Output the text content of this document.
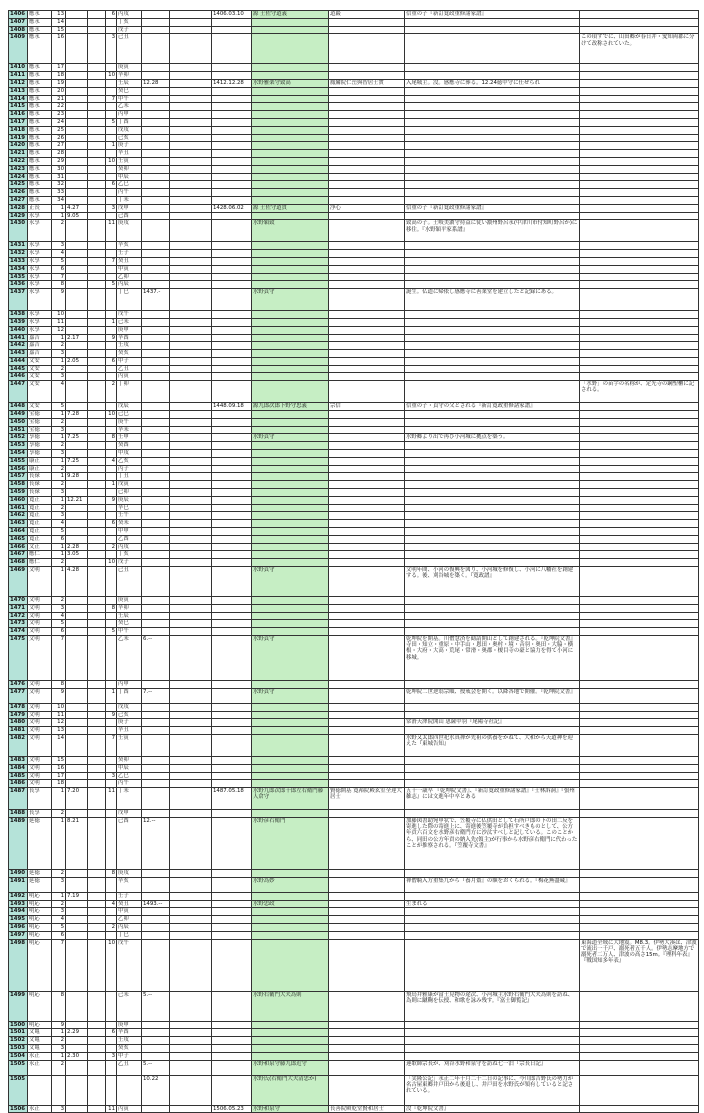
1406	應永	13			6	丙戌			1406.03.10	源 土佐守道義	道巖	信重の子『新訂寛政重修諸家譜』	
1407	應永	14				丁亥							
1408	應永	15				戊子							
1409	應永	16			3	己丑							この頃すでに、山田郷が春日井・愛知両郡に分けて改称されていた。
1410	應永	17				庚寅							
1411	應永	18			10	辛卯							
1412	應永	19				壬辰	12.28		1412.12.28	水野雅楽守致高	鳳鸞院仁岳與智居士實	入尾城主。没。感應寺に葬る。12.24徳中守に任ぜられ	
1413	應永	20				癸巳							
1414	應永	21			7	甲午							
1415	應永	22				乙未							
1416	應永	23				丙申							
1417	應永	24			5	丁酉							
1418	應永	25				戊戌							
1419	應永	26				己亥							
1420	應永	27			1	庚子							
1421	應永	28				辛丑							
1422	應永	29			10	壬寅							
1423	應永	30				癸卯							
1424	應永	31				甲辰							
1425	應永	32			6	乙巳							
1426	應永	33				丙午							
1427	應永	34				丁未							
1428	正長	1	4.27		3	戊申			1428.06.02	源 土佐守道貫	浄心	信重の子『新訂寛政重修諸家譜』	
1429	永享	1	9.05			己酉							
1430	永享	2			11	庚戌				水野穎致		致高の子。土岐美濃守持益に従い濃州野呂永(中津川市付知町野呂か)に移住。『水野穎平家系譜』	
1431	永享	3				辛亥							
1432	永享	4				壬子							
1433	永享	5			7	癸丑							
1434	永享	6				甲寅							
1435	永享	7				乙卯							
1436	永享	8			5	丙辰							
1437	永享	9				丁巳	1437.-			水野貞守		誕生。仏道に帰依し感應寺に善業堂を建立したと記録にある。	
1438	永享	10				戊午							
1439	永享	11			1	己未							
1440	永享	12				庚申							
1441	嘉吉	1	2.17		9	辛酉							
1442	嘉吉	2				壬戌							
1443	嘉吉	3				癸亥							
1444	文安	1	2.05		6	甲子							
1445	文安	2				乙丑							
1446	文安	3				丙寅							
1447	文安	4			2	丁卯							「水野」の苗字の名称が、定光寺の鋼聖櫃に記される。
1448	文安	5				戊辰			1448.09.18	源九郎次郎下野守忠義	宗信	信重の子・貞守の父とされる『新訂寛政重修諸家譜』	
1449	宝徳	1	7.28		10	己巳							
1450	宝徳	2				庚午							
1451	宝徳	3				辛未							
1452	享徳	1	7.25		8	壬申				水野貞守		水野郷より出で再び小河城に拠点を築う。	
1453	享徳	2				癸酉							
1454	享徳	3				甲戌							
1455	康正	1	7.25		4	乙亥							
1456	康正	2				丙子							
1457	長禄	1	9.28			丁丑							
1458	長禄	2			1	戊寅							
1459	長禄	3				己卯							
1460	寛正	1	12.21		9	庚辰							
1461	寛正	2				辛巳							
1462	寛正	3				壬午							
1463	寛正	4			6	癸未							
1464	寛正	5				甲申							
1465	寛正	6				乙酉							
1466	文正	1	2.28		2	丙戌							
1467	應仁	1	3.05			丁亥							
1468	應仁	2			10	戊子							
1469	文明	1	4.28			己丑				水野貞守		文明年間、小河の復興を図り、小河城を修復し、小河に八幡社を創建する。後、刈谷城を築く。『寛政譜』	
1470	文明	2				庚寅							
1471	文明	3			8	辛卯							
1472	文明	4				壬辰							
1473	文明	5				癸巳							
1474	文明	6			5	甲午							
1475	文明	7				乙未	6.--			水野貞守		乾坤院を開基。川僧慧済を勧請開山として創建される。『乾坤院文書』寺田・知立・重原・中手山・恩田・奥村・境・音羽・奥田・大脇・横根・大府・大高・荒尾・常滑・奥郡・榎目寺の豪と協力を得て小河に移城。	
1476	文明	8				丙申							
1477	文明	9			1	丁酉	7.--			水野貞守		乾坤院二世逆翁宗順、授戒会を開く。以降各地で開催。『乾坤院文書』	
1478	文明	10				戊戌							
1479	文明	11			9	己亥							
1480	文明	12				庚子						常滑天澤院開山 恵薩中羽『尾陽寺社記』	
1481	文明	13				辛丑							
1482	文明	14			7	壬寅						水野又太郎四世祀水真禅が先祖の供養をかねて、大和から天道神を迎えた『東城告知』	
1483	文明	15				癸卯							
1484	文明	16				甲辰							
1485	文明	17			3	乙巳							
1486	文明	18				丙午							
1487	長享	1	7.20		11	丁未			1487.05.18	水野九郎次郎十郎左右衛門藤人倉守	賢徳開基 寛裕院殿玄室全達大居士	五十一歳卒 『乾坤院文書』、『新訂寛政重修諸家譜』『士林訴洞』『張州雑志』には文進年中卒とある	
1488	長享	2				戊申							
1489	延徳	1	8.21			己酉	12.--			水野彦右衛門		加藤図書助宛申状で、笠覆寺に仏供田として石所戸郎の下の田二反を寄進した際の寄進上に、寄進後笠覆寺が負担すべきものとして、公方年貢六百文を水野彦右衛門方に沙汰すべしと記している。このことから、同田の公方年貢の納入先(領主)が行事から水野彦右衛門に代わったことが推察される。『笠覆寺文書』	
1490	延徳	2			8	庚戌							
1491	延徳	3				辛亥				水野為妙		禅僧騎入方重集九から『養月齋』の額をおくられる。『梅花無盡蔵』	
1492	明応	1	7.19			壬子							
1493	明応	2			4	癸丑	1493.--			水野忠政		生まれる	
1494	明応	3				甲寅							
1495	明応	4				乙卯							
1496	明応	5			2	丙辰							
1497	明応	6				丁巳							
1498	明応	7			10	戊午							東海道全域に大地震。M8.3。伊勢大湊は、津波で流出一千戸、溺死者五千人。伊勢志摩地方で溺死者二万人、津波の高さ15m。『理科年表』『戦国知多年表』
1499	明応	8				己未	5.--			水野右衛門大夫為則		飛鳥井雅康が富士見物の途次、小河城主水野右衛門大夫為則を訪ね、為則に蹴鞠を伝授、和歌を詠み残す。『富士御覧記』	
1500	明応	9				庚申							
1501	文亀	1	2.29		6	辛酉							
1502	文亀	2				壬戌							
1503	文亀	3				癸亥							
1504	永正	1	2.30		3	甲子							
1505	永正	2				乙丑	5.--			水野和泉守藤九郎近守		連歌師宗長が、刈谷水野和泉守を訪ね七一泊『宗長日記』	
1505							10.22			水野氏(右衛門大夫清忠か)		「実隆公記」永正二年十月二十二日の記事に、今川郎吉野氏の勢力が名古屋東郷井戸田から後退し、井戸田を水野氏が領有していると記されている。	
1506	永正	3			11	丙寅			1506.05.23	水野和泉守	長善院殿乾堂賢和居士	没『乾坤院文書』	
